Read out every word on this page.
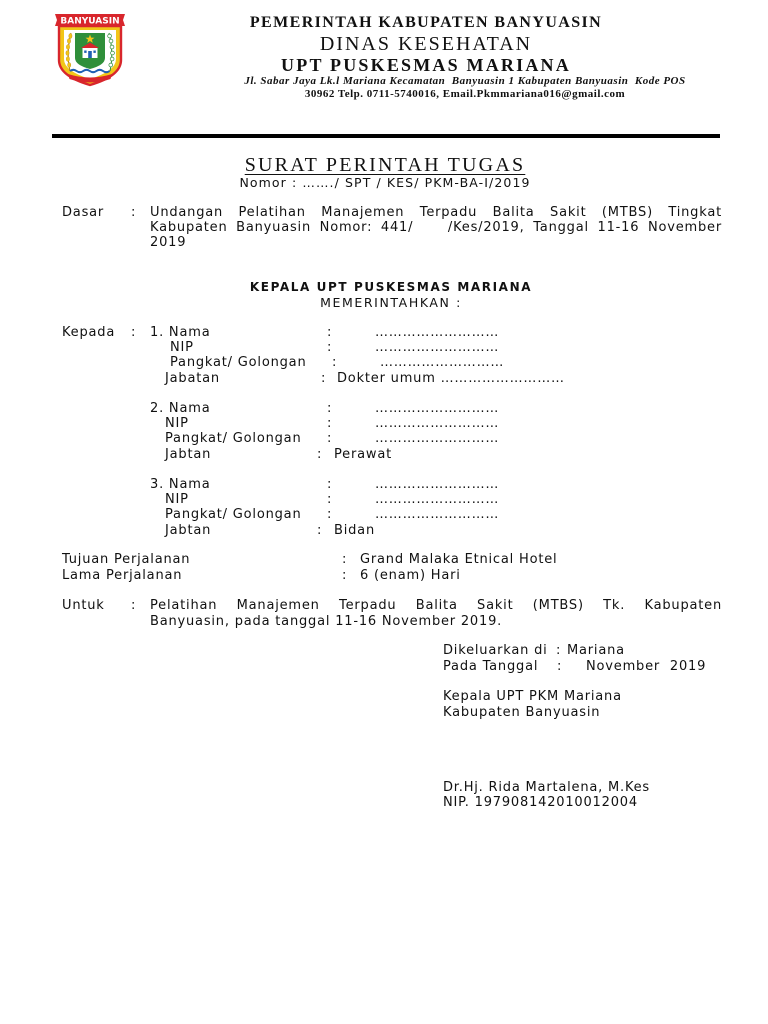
BANYUASIN	PEMERINTAH KABUPATEN BANYUASIN
DINAS KESEHATAN
UPT PUSKESMAS MARIANA
Jl. Sabar Jaya Lk.l Mariana Kecamatan  Banyuasin 1 Kabupaten Banyuasin  Kode POS
30962 Telp. 0711-5740016, Email.Pkmmariana016@gmail.com
SURAT PERINTAH TUGAS
Nomor : ……./ SPT / KES/ PKM-BA-I/2019
Dasar : Undangan Pelatihan Manajemen Terpadu Balita Sakit (MTBS) Tingkat
Kabupaten Banyuasin Nomor: 441/    /Kes/2019, Tanggal 11-16 November
2019
KEPALA UPT PUSKESMAS MARIANA
MEMERINTAHKAN :
Kepada : 1. Nama	:	………………………
NIP	:	………………………
Pangkat/ Golongan :	………………………
Jabatan	: Dokter umum ………………………
2. Nama	:	………………………
NIP	:	………………………
Pangkat/ Golongan :	………………………
Jabtan	: Perawat
3. Nama	:	………………………
NIP	:	………………………
Pangkat/ Golongan :	………………………
Jabtan	: Bidan
Tujuan Perjalanan	: Grand Malaka Etnical Hotel
Lama Perjalanan	: 6 (enam) Hari
Untuk : Pelatihan Manajemen Terpadu Balita Sakit (MTBS) Tk. Kabupaten
Banyuasin, pada tanggal 11-16 November 2019.
Dikeluarkan di : Mariana
Pada Tanggal : November  2019
Kepala UPT PKM Mariana
Kabupaten Banyuasin
Dr.Hj. Rida Martalena, M.Kes
NIP. 197908142010012004
